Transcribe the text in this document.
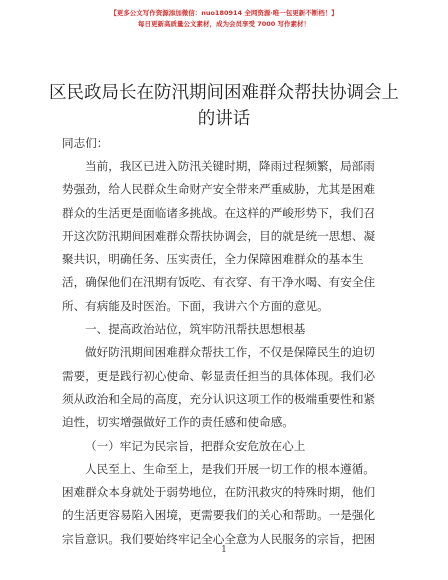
【更多公文写作资源添加微信：nuo180914 全网资源·唯一包更新不断档！】
每日更新高质量公文素材，成为会员享受 7000 写作素材！
区民政局长在防汛期间困难群众帮扶协调会上
的讲话
同志们：
当前，我区已进入防汛关键时期，降雨过程频繁，局部雨
势强劲，给人民群众生命财产安全带来严重威胁，尤其是困难
群众的生活更是面临诸多挑战。在这样的严峻形势下，我们召
开这次防汛期间困难群众帮扶协调会，目的就是统一思想、凝
聚共识，明确任务、压实责任，全力保障困难群众的基本生
活，确保他们在汛期有饭吃、有衣穿、有干净水喝、有安全住
所、有病能及时医治。下面，我讲六个方面的意见。
一、提高政治站位，筑牢防汛帮扶思想根基
做好防汛期间困难群众帮扶工作，不仅是保障民生的迫切
需要，更是践行初心使命、彰显责任担当的具体体现。我们必
须从政治和全局的高度，充分认识这项工作的极端重要性和紧
迫性，切实增强做好工作的责任感和使命感。
（一）牢记为民宗旨，把群众安危放在心上
人民至上、生命至上，是我们开展一切工作的根本遵循。
困难群众本身就处于弱势地位，在防汛救灾的特殊时期，他们
的生活更容易陷入困境，更需要我们的关心和帮助。一是强化
宗旨意识。我们要始终牢记全心全意为人民服务的宗旨，把困
1
